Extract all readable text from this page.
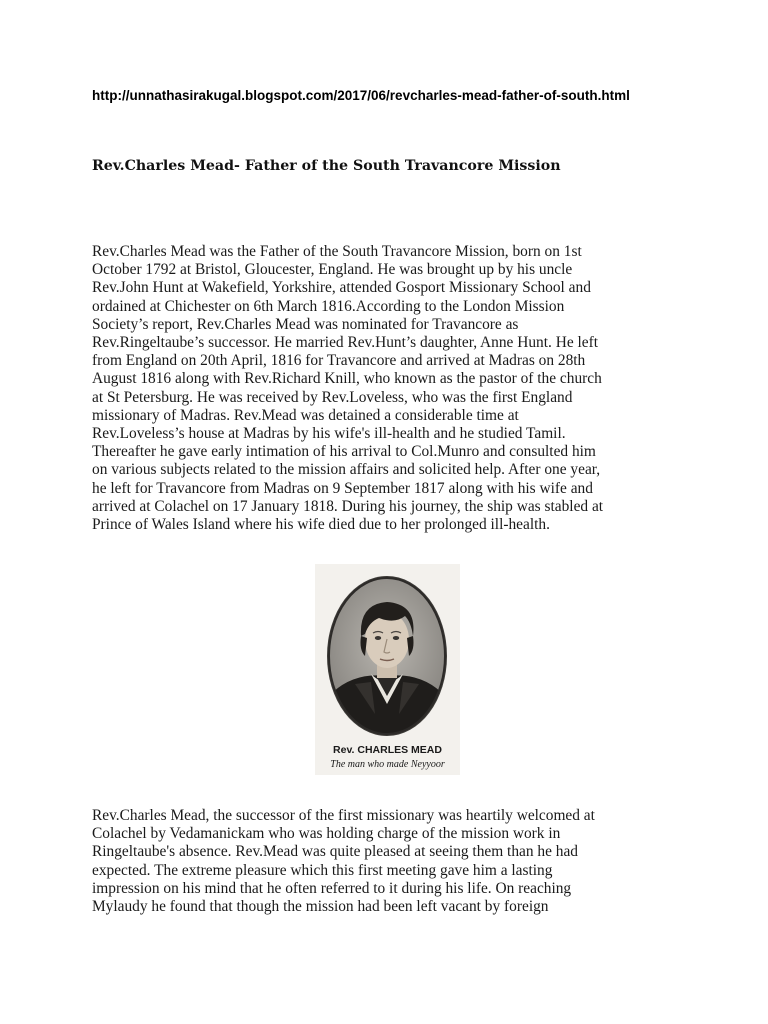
http://unnathasirakugal.blogspot.com/2017/06/revcharles-mead-father-of-south.html
Rev.Charles Mead- Father of the South Travancore Mission
Rev.Charles Mead was the Father of the South Travancore Mission, born on 1st
October 1792 at Bristol, Gloucester, England. He was brought up by his uncle
Rev.John Hunt at Wakefield, Yorkshire, attended Gosport Missionary School and
ordained at Chichester on 6th March 1816.According to the London Mission
Society’s report, Rev.Charles Mead was nominated for Travancore as
Rev.Ringeltaube’s successor. He married Rev.Hunt’s daughter, Anne Hunt. He left
from England on 20th April, 1816 for Travancore and arrived at Madras on 28th
August 1816 along with Rev.Richard Knill, who known as the pastor of the church
at St Petersburg. He was received by Rev.Loveless, who was the first England
missionary of Madras. Rev.Mead was detained a considerable time at
Rev.Loveless’s house at Madras by his wife's ill-health and he studied Tamil.
Thereafter he gave early intimation of his arrival to Col.Munro and consulted him
on various subjects related to the mission affairs and solicited help. After one year,
he left for Travancore from Madras on 9 September 1817 along with his wife and
arrived at Colachel on 17 January 1818. During his journey, the ship was stabled at
Prince of Wales Island where his wife died due to her prolonged ill-health.
Rev. CHARLES MEAD
The man who made Neyyoor
Rev.Charles Mead, the successor of the first missionary was heartily welcomed at
Colachel by Vedamanickam who was holding charge of the mission work in
Ringeltaube's absence. Rev.Mead was quite pleased at seeing them than he had
expected. The extreme pleasure which this first meeting gave him a lasting
impression on his mind that he often referred to it during his life. On reaching
Mylaudy he found that though the mission had been left vacant by foreign
